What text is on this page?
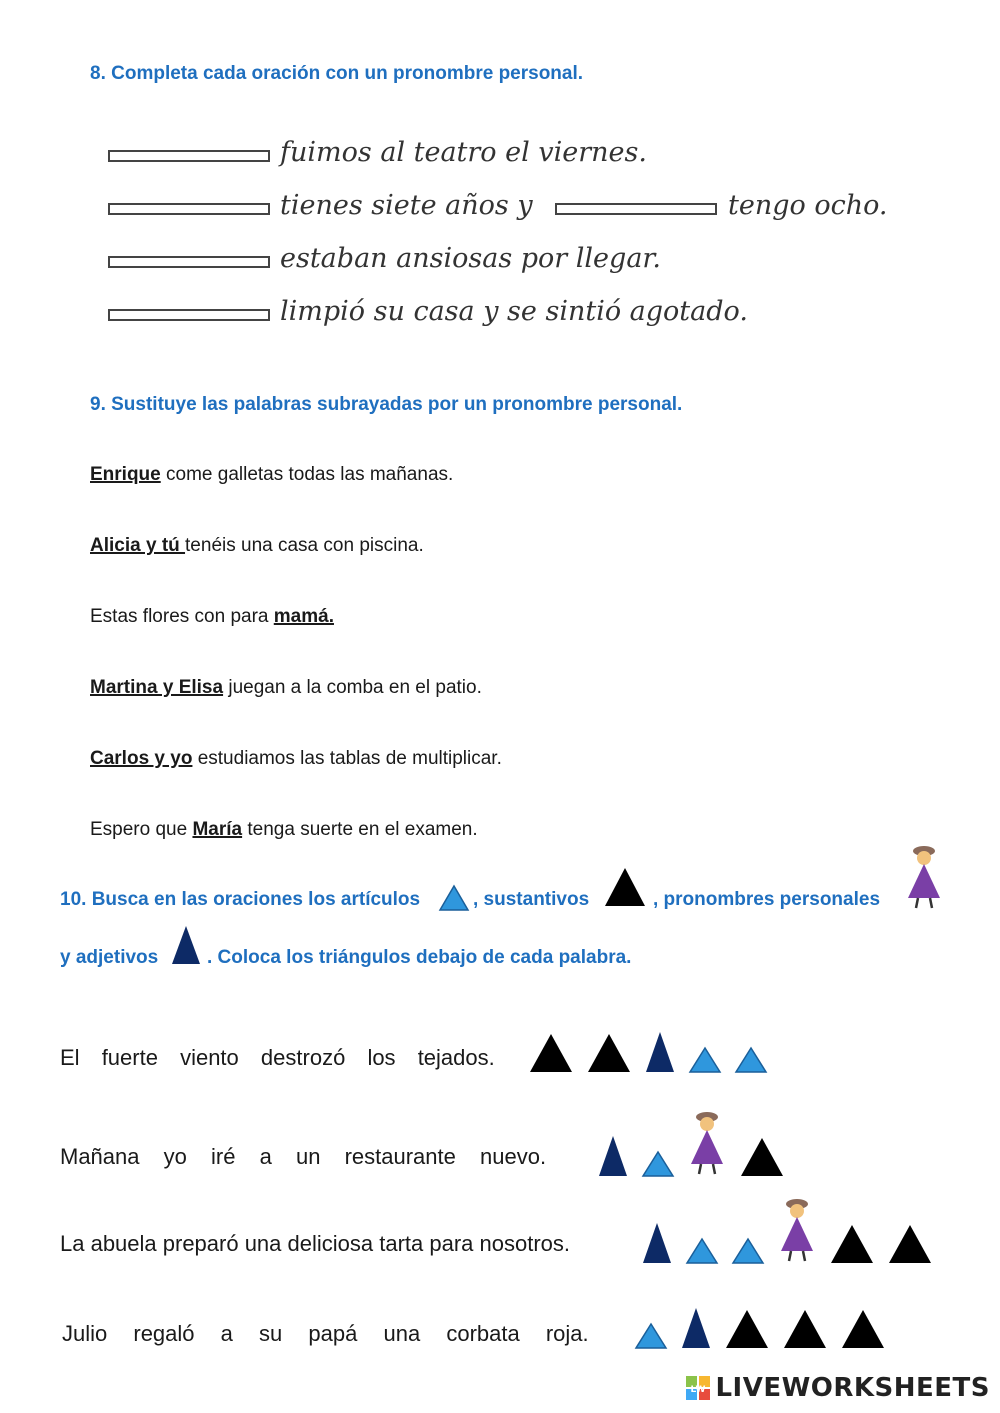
8. Completa cada oración con un pronombre personal.
fuimos al teatro el viernes.
tienes siete años y	tengo ocho.
estaban ansiosas por llegar.
limpió su casa y se sintió agotado.
9. Sustituye las palabras subrayadas por un pronombre personal.
Enrique come galletas todas las mañanas.
Alicia y tú tenéis una casa con piscina.
Estas flores con para mamá.
Martina y Elisa juegan a la comba en el patio.
Carlos y yo estudiamos las tablas de multiplicar.
Espero que María tenga suerte en el examen.
10. Busca en las oraciones los artículos	, sustantivos	, pronombres personales
y adjetivos	. Coloca los triángulos debajo de cada palabra.
El fuerte viento destrozó los tejados.
Mañana yo iré a un restaurante nuevo.
La abuela preparó una deliciosa tarta para nosotros.
Julio regaló a su papá una corbata roja.
LW LIVEWORKSHEETS
